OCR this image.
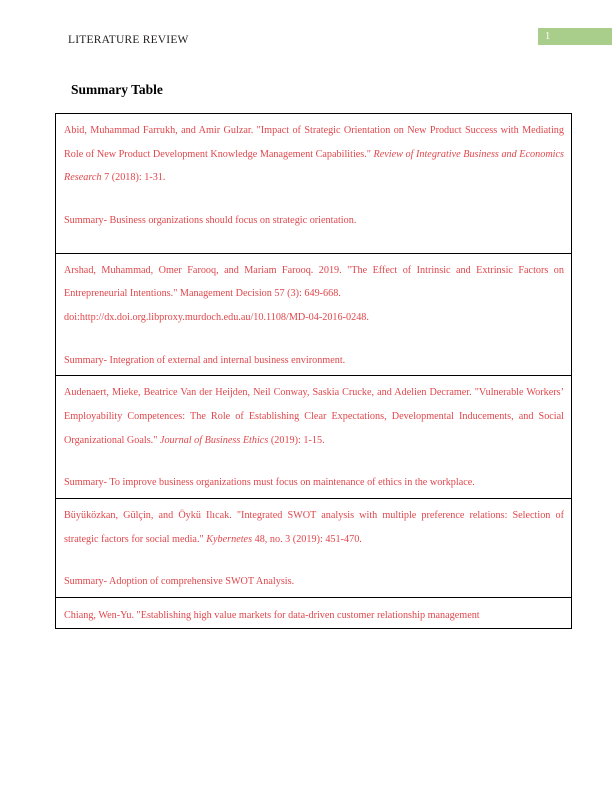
LITERATURE REVIEW	1
Summary Table

Abid, Muhammad Farrukh, and Amir Gulzar. "Impact of Strategic Orientation on New Product Success with Mediating Role of New Product Development Knowledge Management Capabilities." Review of Integrative Business and Economics Research 7 (2018): 1-31.

Summary- Business organizations should focus on strategic orientation.

Arshad, Muhammad, Omer Farooq, and Mariam Farooq. 2019. "The Effect of Intrinsic and Extrinsic Factors on Entrepreneurial Intentions." Management Decision 57 (3): 649-668.

doi:http://dx.doi.org.libproxy.murdoch.edu.au/10.1108/MD-04-2016-0248.

Summary- Integration of external and internal business environment.

Audenaert, Mieke, Beatrice Van der Heijden, Neil Conway, Saskia Crucke, and Adelien Decramer. "Vulnerable Workers’ Employability Competences: The Role of Establishing Clear Expectations, Developmental Inducements, and Social Organizational Goals." Journal of Business Ethics (2019): 1-15.

Summary- To improve business organizations must focus on maintenance of ethics in the workplace.

Büyüközkan, Gülçin, and Öykü Ilıcak. "Integrated SWOT analysis with multiple preference relations: Selection of strategic factors for social media." Kybernetes 48, no. 3 (2019): 451-470.

Summary- Adoption of comprehensive SWOT Analysis.

Chiang, Wen-Yu. "Establishing high value markets for data-driven customer relationship management
